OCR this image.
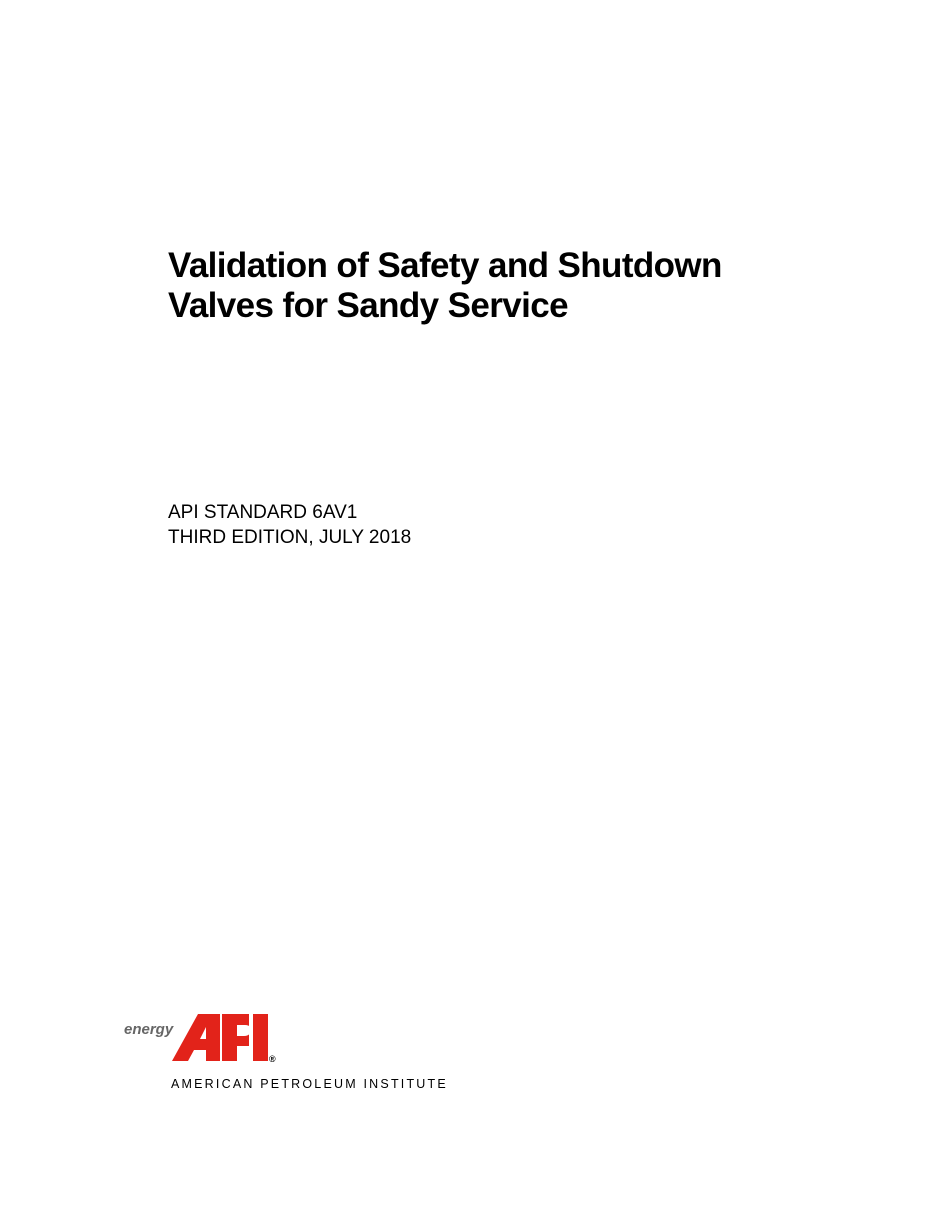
Validation of Safety and Shutdown
Valves for Sandy Service
API STANDARD 6AV1
THIRD EDITION, JULY 2018
energy
®
AMERICAN PETROLEUM INSTITUTE
